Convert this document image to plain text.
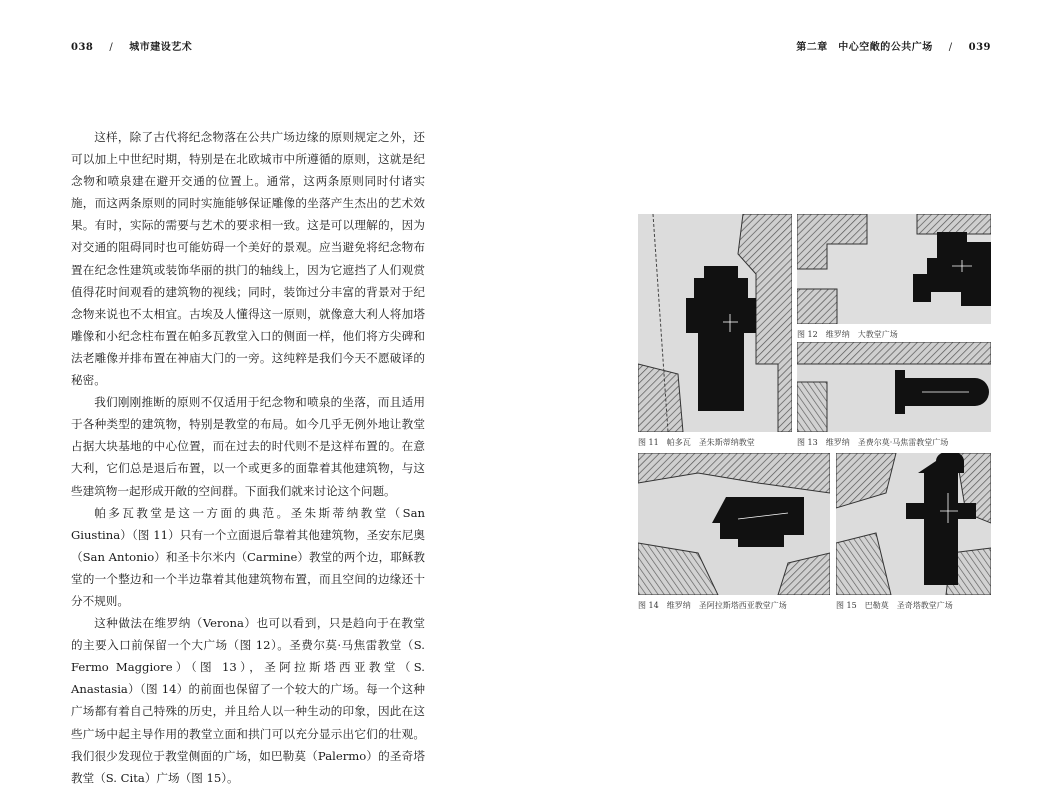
038 / 城市建设艺术	第二章　中心空敞的公共广场 / 039

这样，除了古代将纪念物落在公共广场边缘的原则规定之外，还可以加上中世纪时期，特别是在北欧城市中所遵循的原则，这就是纪念物和喷泉建在避开交通的位置上。通常，这两条原则同时付诸实施，而这两条原则的同时实施能够保证雕像的坐落产生杰出的艺术效果。有时，实际的需要与艺术的要求相一致。这是可以理解的，因为对交通的阻碍同时也可能妨碍一个美好的景观。应当避免将纪念物布置在纪念性建筑或装饰华丽的拱门的轴线上，因为它遮挡了人们观赏值得花时间观看的建筑物的视线；同时，装饰过分丰富的背景对于纪念物来说也不太相宜。古埃及人懂得这一原则，就像意大利人将加塔雕像和小纪念柱布置在帕多瓦教堂入口的侧面一样，他们将方尖碑和法老雕像并排布置在神庙大门的一旁。这纯粹是我们今天不愿破译的秘密。

我们刚刚推断的原则不仅适用于纪念物和喷泉的坐落，而且适用于各种类型的建筑物，特别是教堂的布局。如今几乎无例外地让教堂占据大块基地的中心位置，而在过去的时代则不是这样布置的。在意大利，它们总是退后布置，以一个或更多的面靠着其他建筑物，与这些建筑物一起形成开敞的空间群。下面我们就来讨论这个问题。

帕多瓦教堂是这一方面的典范。圣朱斯蒂纳教堂（San Giustina）（图 11）只有一个立面退后靠着其他建筑物，圣安东尼奥（San Antonio）和圣卡尔米内（Carmine）教堂的两个边，耶稣教堂的一个整边和一个半边靠着其他建筑物布置，而且空间的边缘还十分不规则。

这种做法在维罗纳（Verona）也可以看到，只是趋向于在教堂的主要入口前保留一个大广场（图 12）。圣费尔莫·马焦雷教堂（S. Fermo Maggiore）（图 13），圣阿拉斯塔西亚教堂（S. Anastasia）（图 14）的前面也保留了一个较大的广场。每一个这种广场都有着自己特殊的历史，并且给人以一种生动的印象，因此在这些广场中起主导作用的教堂立面和拱门可以充分显示出它们的壮观。我们很少发现位于教堂侧面的广场，如巴勒莫（Palermo）的圣奇塔教堂（S. Cita）广场（图 15）。

图 11　帕多瓦　圣朱斯蒂纳教堂
图 12　维罗纳　大教堂广场
图 13　维罗纳　圣费尔莫·马焦雷教堂广场
图 14　维罗纳　圣阿拉斯塔西亚教堂广场	图 15　巴勒莫　圣奇塔教堂广场
